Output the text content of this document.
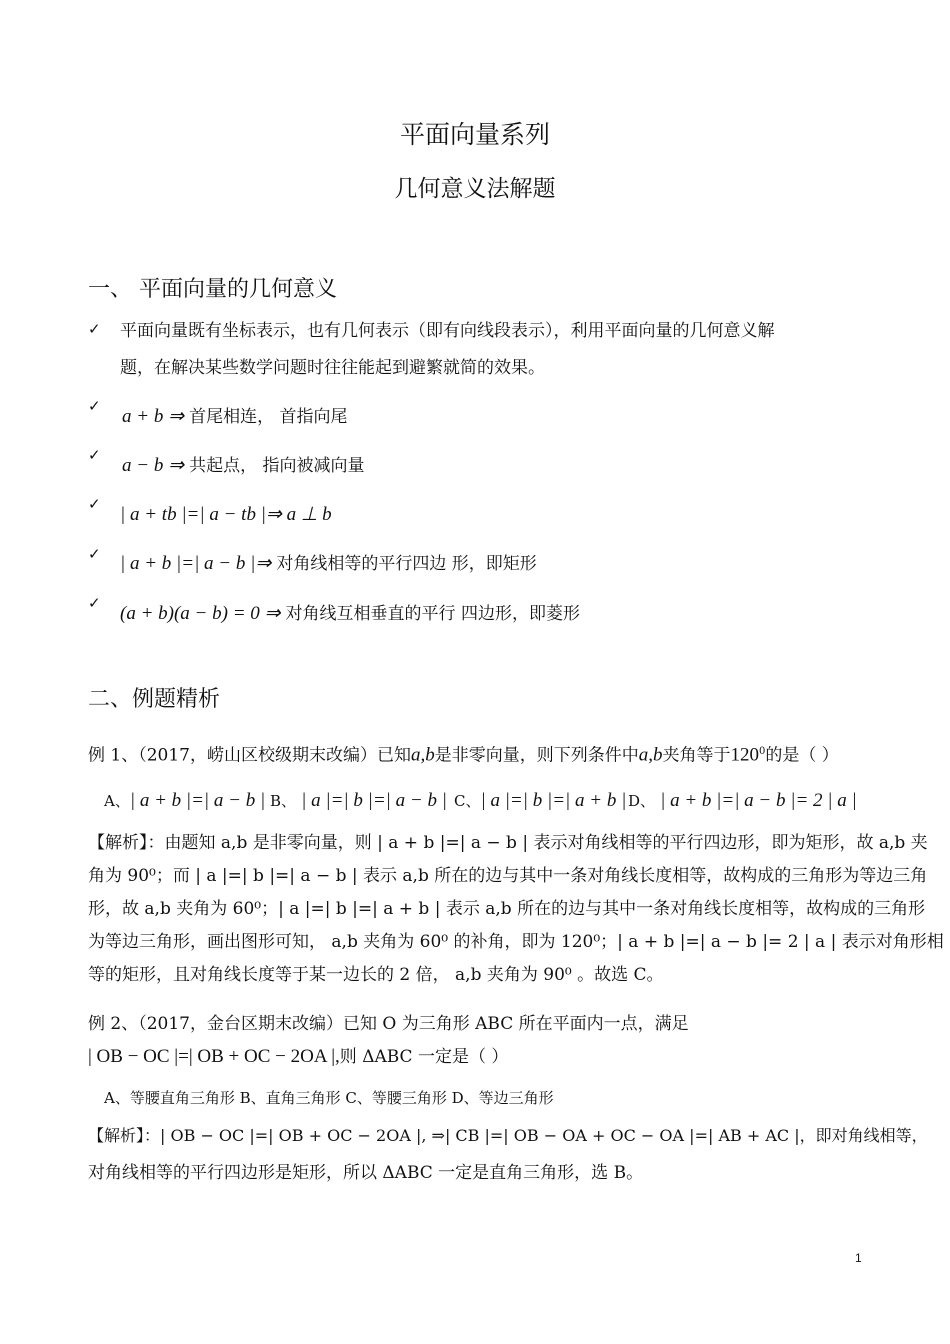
平面向量系列
几何意义法解题
一、 平面向量的几何意义
✓ 平面向量既有坐标表示，也有几何表示（即有向线段表示），利用平面向量的几何意义解
题，在解决某些数学问题时往往能起到避繁就简的效果。
✓ a + b ⇒ 首尾相连， 首指向尾
✓ a − b ⇒ 共起点， 指向被减向量
✓ | a + tb |=| a − tb |⇒ a ⊥ b
✓ | a + b |=| a − b |⇒ 对角线相等的平行四边 形，即矩形
✓ (a + b)(a − b) = 0 ⇒ 对角线互相垂直的平行 四边形，即菱形
二、例题精析
例 1、（2017，崂山区校级期末改编）已知a,b是非零向量，则下列条件中a,b夹角等于$120^0$的是（ ）
A、| a + b |=| a − b | B、 | a |=| b |=| a − b | C、| a |=| b |=| a + b | D、 | a + b |=| a − b |= 2 | a |
【解析】：由题知 a,b 是非零向量，则 | a + b |=| a − b | 表示对角线相等的平行四边形，即为矩形，故 a,b 夹
角为 90⁰；而 | a |=| b |=| a − b | 表示 a,b 所在的边与其中一条对角线长度相等，故构成的三角形为等边三角
形，故 a,b 夹角为 60⁰；| a |=| b |=| a + b | 表示 a,b 所在的边与其中一条对角线长度相等，故构成的三角形
为等边三角形，画出图形可知， a,b 夹角为 60⁰ 的补角，即为 120⁰；| a + b |=| a − b |= 2 | a | 表示对角形相
等的矩形，且对角线长度等于某一边长的 2 倍， a,b 夹角为 90⁰ 。故选 C。
例 2、（2017，金台区期末改编）已知 O 为三角形 ABC 所在平面内一点，满足
| OB − OC |=| OB + OC − 2OA |,则 ΔABC 一定是（ ）
A、等腰直角三角形 B、直角三角形 C、等腰三角形 D、等边三角形
【解析】：| OB − OC |=| OB + OC − 2OA |, ⇒| CB |=| OB − OA + OC − OA |=| AB + AC |，即对角线相等，
对角线相等的平行四边形是矩形，所以 ΔABC 一定是直角三角形，选 B。
1
